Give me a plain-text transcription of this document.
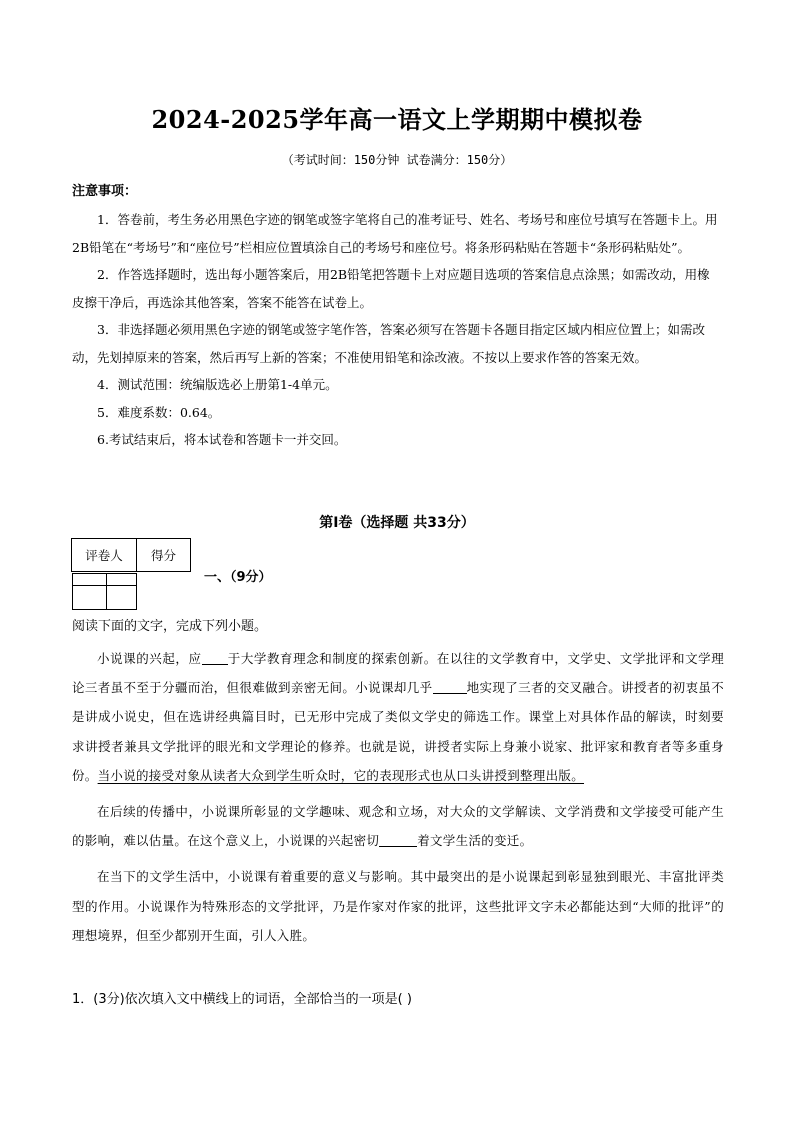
2024-2025学年高一语文上学期期中模拟卷
（考试时间：150分钟 试卷满分：150分）
注意事项：

1．答卷前，考生务必用黑色字迹的钢笔或签字笔将自己的准考证号、姓名、考场号和座位号填写在答题卡上。用2B铅笔在“考场号”和“座位号”栏相应位置填涂自己的考场号和座位号。将条形码粘贴在答题卡“条形码粘贴处”。

2．作答选择题时，选出每小题答案后，用2B铅笔把答题卡上对应题目选项的答案信息点涂黑；如需改动，用橡皮擦干净后，再选涂其他答案，答案不能答在试卷上。

3．非选择题必须用黑色字迹的钢笔或签字笔作答，答案必须写在答题卡各题目指定区域内相应位置上；如需改动，先划掉原来的答案，然后再写上新的答案；不准使用铅笔和涂改液。不按以上要求作答的答案无效。

4．测试范围：统编版选必上册第1-4单元。

5．难度系数：0.64。

6.考试结束后，将本试卷和答题卡一并交回。

第Ⅰ卷（选择题 共33分）
评卷人	得分

一、（9分）
阅读下面的文字，完成下列小题。

小说课的兴起，应 于大学教育理念和制度的探索创新。在以往的文学教育中，文学史、文学批评和文学理论三者虽不至于分疆而治，但很难做到亲密无间。小说课却几乎	地实现了三者的交叉融合。讲授者的初衷虽不是讲成小说史，但在选讲经典篇目时，已无形中完成了类似文学史的筛选工作。课堂上对具体作品的解读，时刻要求讲授者兼具文学批评的眼光和文学理论的修养。也就是说，讲授者实际上身兼小说家、批评家和教育者等多重身份。当小说的接受对象从读者大众到学生听众时，它的表现形式也从口头讲授到整理出版。

在后续的传播中，小说课所彰显的文学趣味、观念和立场，对大众的文学解读、文学消费和文学接受可能产生的影响，难以估量。在这个意义上，小说课的兴起密切	着文学生活的变迁。

在当下的文学生活中，小说课有着重要的意义与影响。其中最突出的是小说课起到彰显独到眼光、丰富批评类型的作用。小说课作为特殊形态的文学批评，乃是作家对作家的批评，这些批评文字未必都能达到“大师的批评”的理想境界，但至少都别开生面，引人入胜。

1．(3分)依次填入文中横线上的词语，全部恰当的一项是( )
